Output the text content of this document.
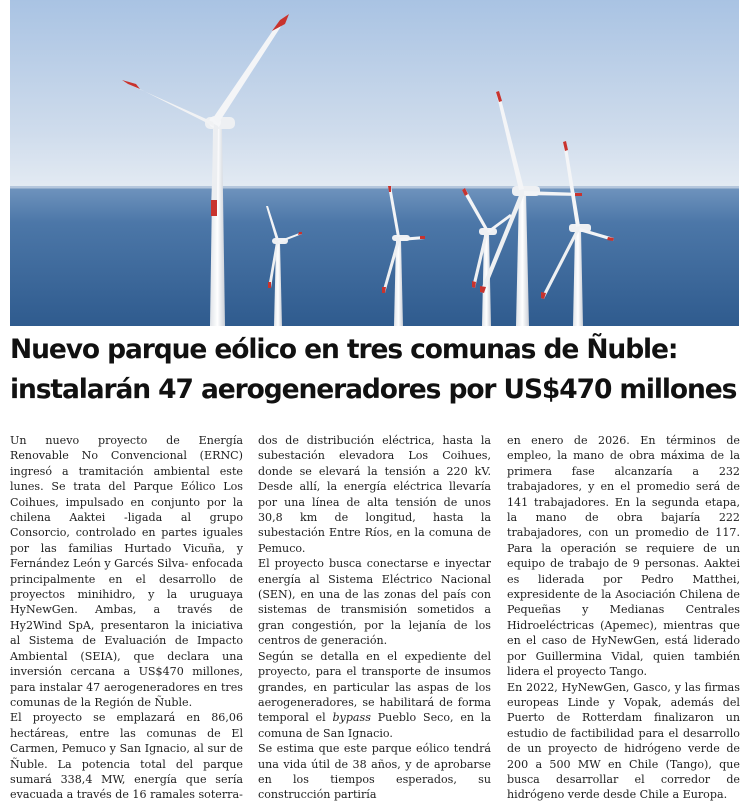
Nuevo parque eólico en tres comunas de Ñuble:
instalarán 47 aerogeneradores por US$470 millones

Un nuevo proyecto de Energía Renovable No Convencional (ERNC) ingresó a tramitación ambiental este lunes. Se trata del Parque Eólico Los Coihues, impulsado en conjunto por la chilena Aaktei -ligada al grupo Consorcio, controlado en partes iguales por las familias Hurtado Vicuña, y Fernández León y Garcés Silva- enfocada principalmente en el desarrollo de proyectos minihidro, y la uruguaya HyNewGen. Ambas, a través de Hy2Wind SpA, presentaron la iniciativa al Sistema de Evaluación de Impacto Ambiental (SEIA), que declara una inversión cercana a US$470 millones, para instalar 47 aerogeneradores en tres comunas de la Región de Ñuble.

El proyecto se emplazará en 86,06 hectáreas, entre las comunas de El Carmen, Pemuco y San Ignacio, al sur de Ñuble. La potencia total del parque sumará 338,4 MW, energía que sería evacuada a través de 16 ramales soterra-

dos de distribución eléctrica, hasta la subestación elevadora Los Coihues, donde se elevará la tensión a 220 kV. Desde allí, la energía eléctrica llevaría por una línea de alta tensión de unos 30,8 km de longitud, hasta la subestación Entre Ríos, en la comuna de Pemuco.

El proyecto busca conectarse e inyectar energía al Sistema Eléctrico Nacional (SEN), en una de las zonas del país con sistemas de transmisión sometidos a gran congestión, por la lejanía de los centros de generación.

Según se detalla en el expediente del proyecto, para el transporte de insumos grandes, en particular las aspas de los aerogeneradores, se habilitará de forma temporal el bypass Pueblo Seco, en la comuna de San Ignacio.

Se estima que este parque eólico tendrá una vida útil de 38 años, y de aprobarse en los tiempos esperados, su construcción partiría

en enero de 2026. En términos de empleo, la mano de obra máxima de la primera fase alcanzaría a 232 trabajadores, y en el promedio será de 141 trabajadores. En la segunda etapa, la mano de obra bajaría 222 trabajadores, con un promedio de 117. Para la operación se requiere de un equipo de trabajo de 9 personas. Aaktei es liderada por Pedro Matthei, expresidente de la Asociación Chilena de Pequeñas y Medianas Centrales Hidroeléctricas (Apemec), mientras que en el caso de HyNewGen, está liderado por Guillermina Vidal, quien también lidera el proyecto Tango.

En 2022, HyNewGen, Gasco, y las firmas europeas Linde y Vopak, además del Puerto de Rotterdam finalizaron un estudio de factibilidad para el desarrollo de un proyecto de hidrógeno verde de 200 a 500 MW en Chile (Tango), que busca desarrollar el corredor de hidrógeno verde desde Chile a Europa.
